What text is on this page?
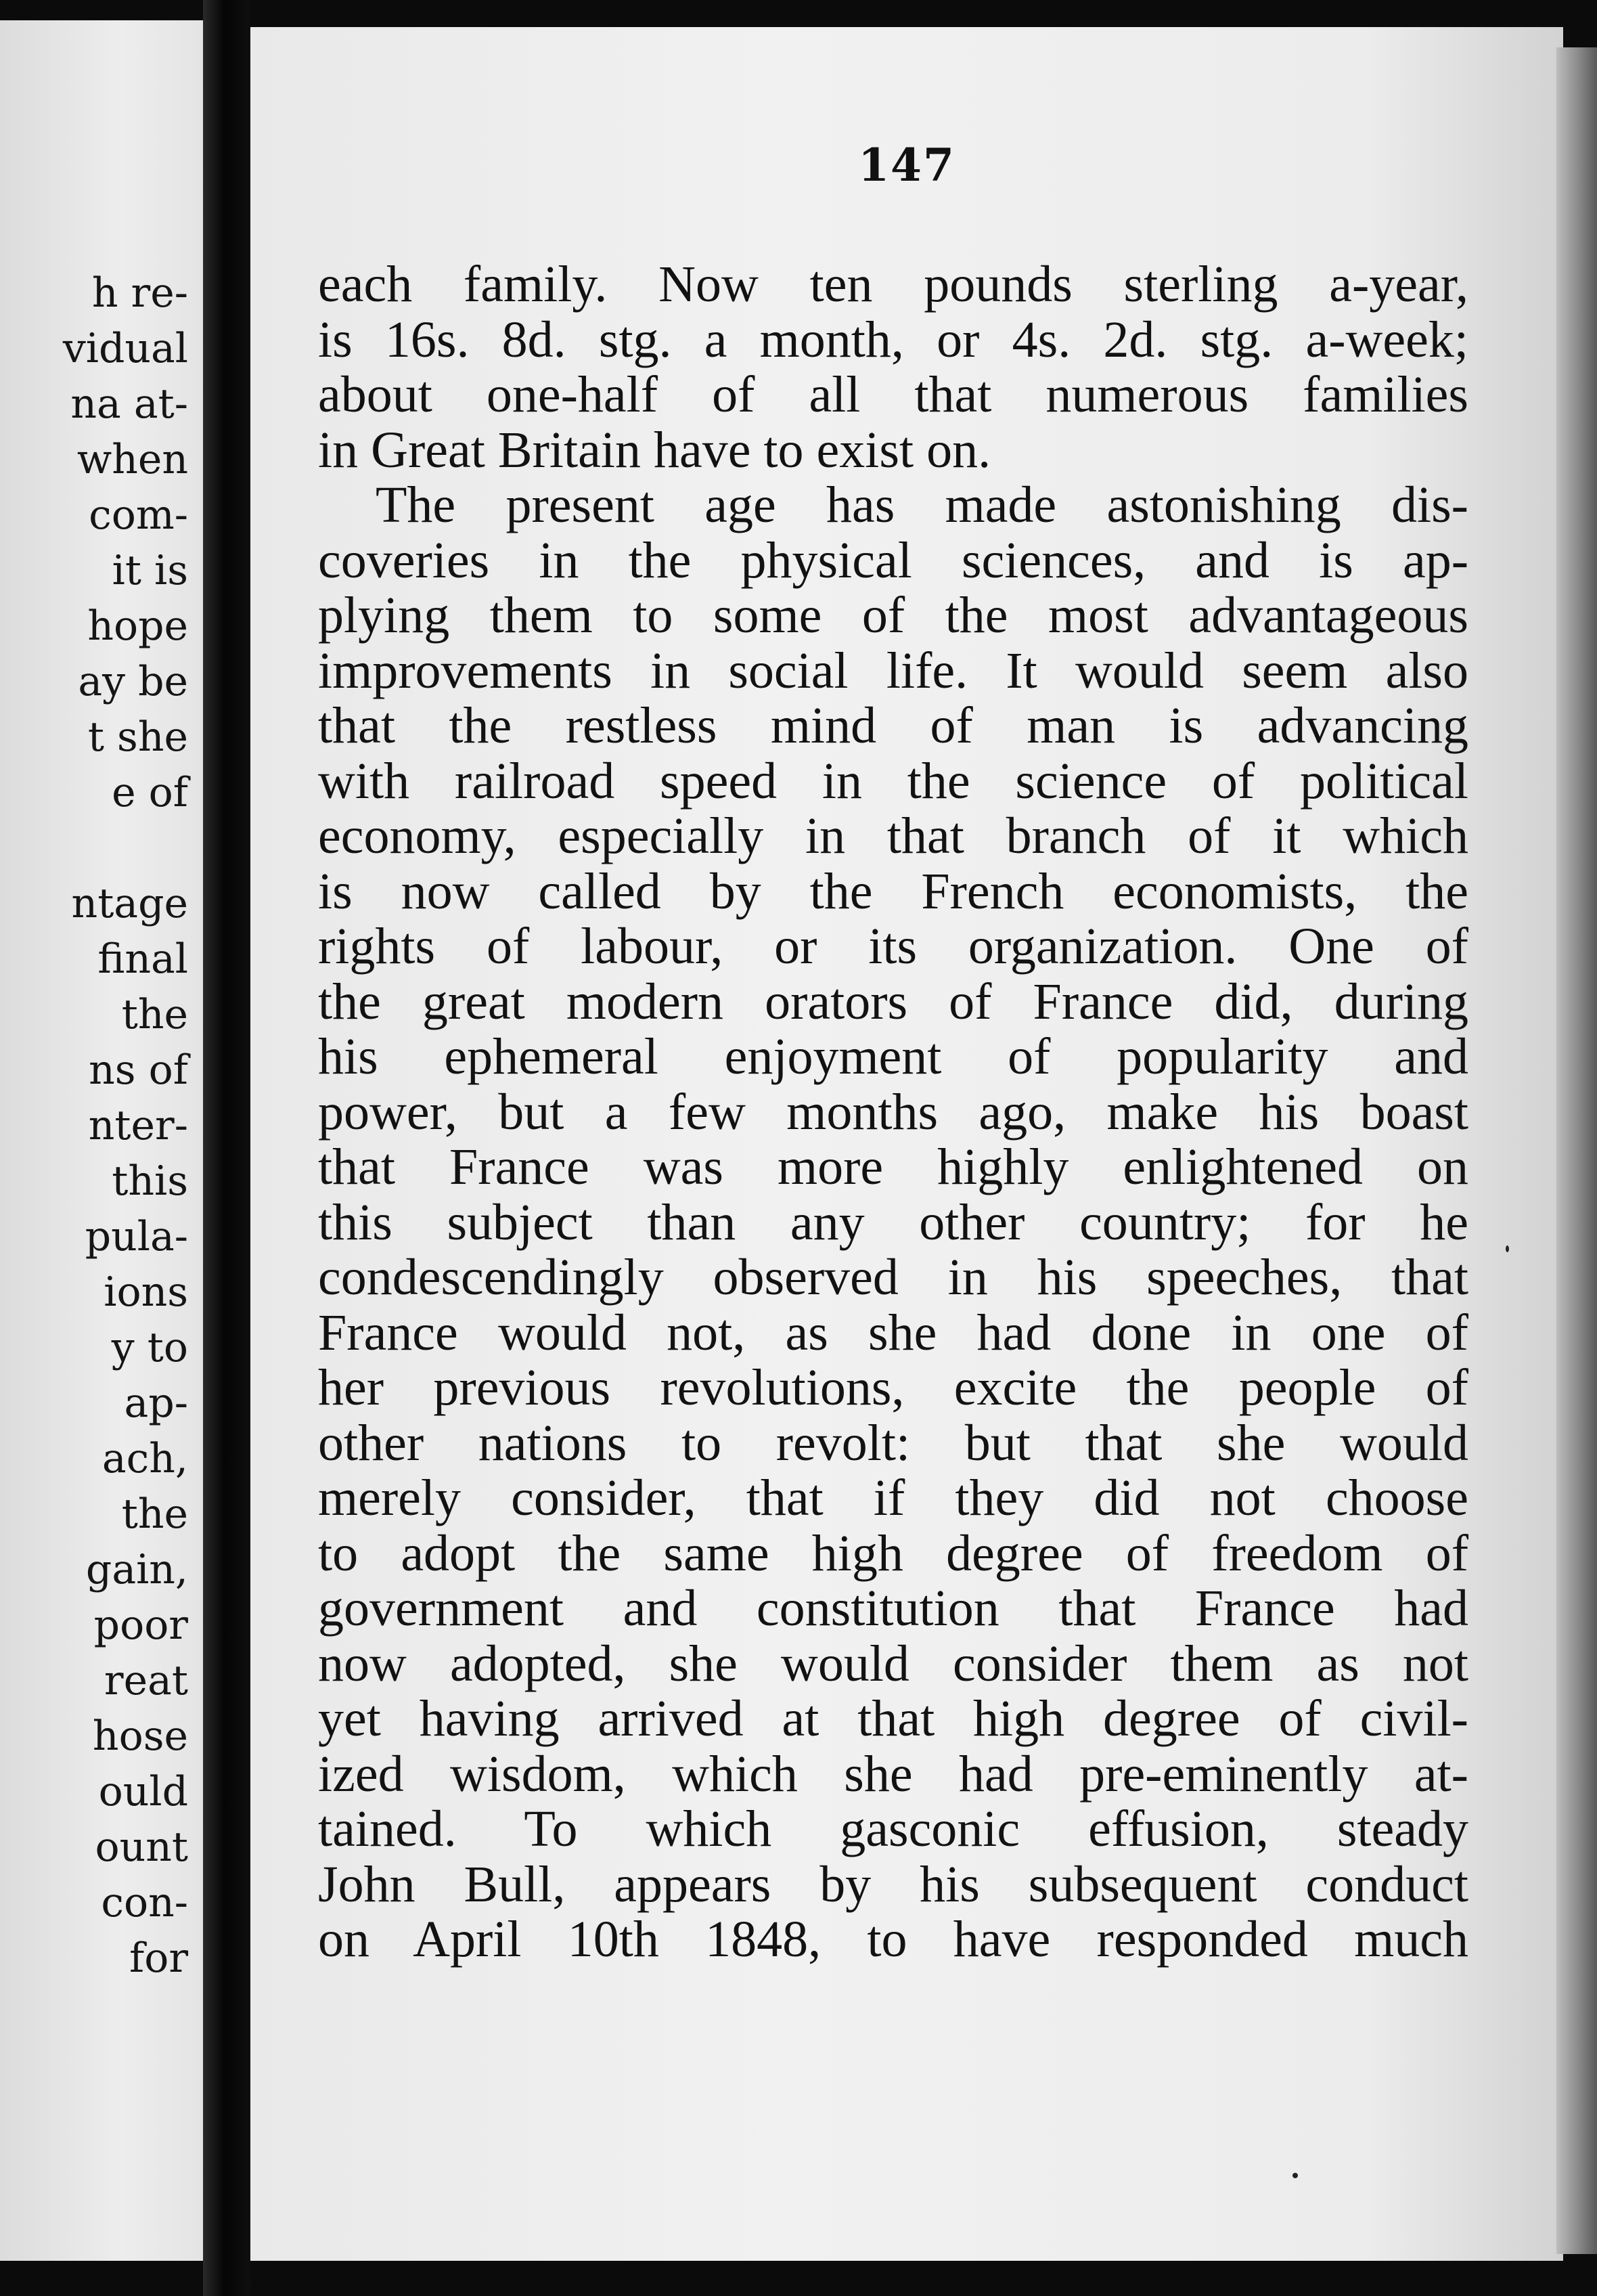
h re-
vidual
na at-
when
com-
it is
hope
ay be
t she
e of
ntage
final
the
ns of
nter-
this
pula-
ions
y to
ap-
ach,
the
gain,
poor
reat
hose
ould
ount
con-
for
147
each family. Now ten pounds sterling a-year,
is 16s. 8d. stg. a month, or 4s. 2d. stg. a-week;
about one-half of all that numerous families
in Great Britain have to exist on.
The present age has made astonishing dis-
coveries in the physical sciences, and is ap-
plying them to some of the most advantageous
improvements in social life. It would seem also
that the restless mind of man is advancing
with railroad speed in the science of political
economy, especially in that branch of it which
is now called by the French economists, the
rights of labour, or its organization. One of
the great modern orators of France did, during
his ephemeral enjoyment of popularity and
power, but a few months ago, make his boast
that France was more highly enlightened on
this subject than any other country; for he
condescendingly observed in his speeches, that
France would not, as she had done in one of
her previous revolutions, excite the people of
other nations to revolt: but that she would
merely consider, that if they did not choose
to adopt the same high degree of freedom of
government and constitution that France had
now adopted, she would consider them as not
yet having arrived at that high degree of civil-
ized wisdom, which she had pre-eminently at-
tained. To which gasconic effusion, steady
John Bull, appears by his subsequent conduct
on April 10th 1848, to have responded much
